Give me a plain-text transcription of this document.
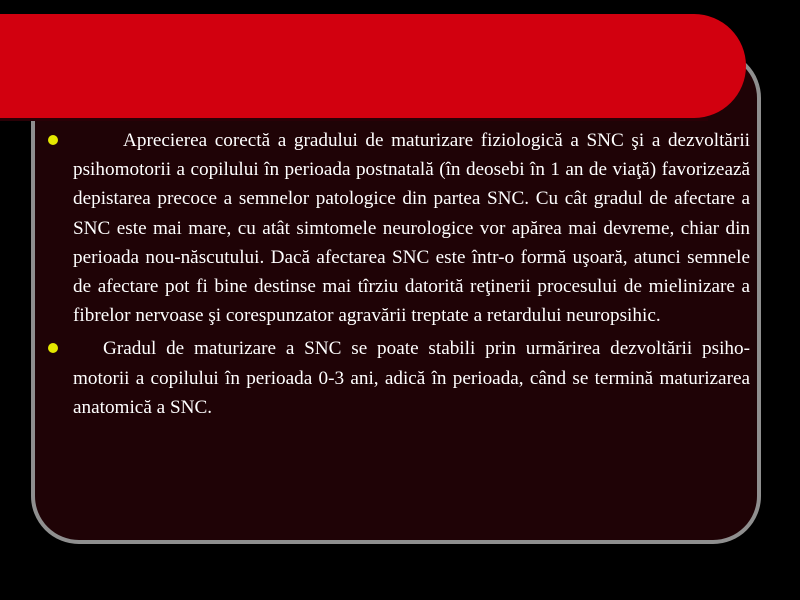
Aprecierea corectă a gradului de maturizare fiziologică a SNC şi a dezvoltării psihomotorii a copilului în perioada postnatală (în deosebi în 1 an de viaţă) favorizează depistarea precoce a semnelor patologice din partea SNC. Cu cât gradul de afectare a SNC este mai mare, cu atât simtomele neurologice vor apărea mai devreme, chiar din perioada nou-născutului. Dacă afectarea SNC este într-o formă uşoară, atunci semnele de afectare pot fi bine destinse mai tîrziu datorită reţinerii procesului de mielinizare a fibrelor nervoase şi corespunzator agravării treptate a retardului neuropsihic.
Gradul de maturizare a SNC se poate stabili prin urmărirea dezvoltării psiho-motorii a copilului în perioada 0-3 ani, adică în perioada, când se termină maturizarea anatomică a SNC.
